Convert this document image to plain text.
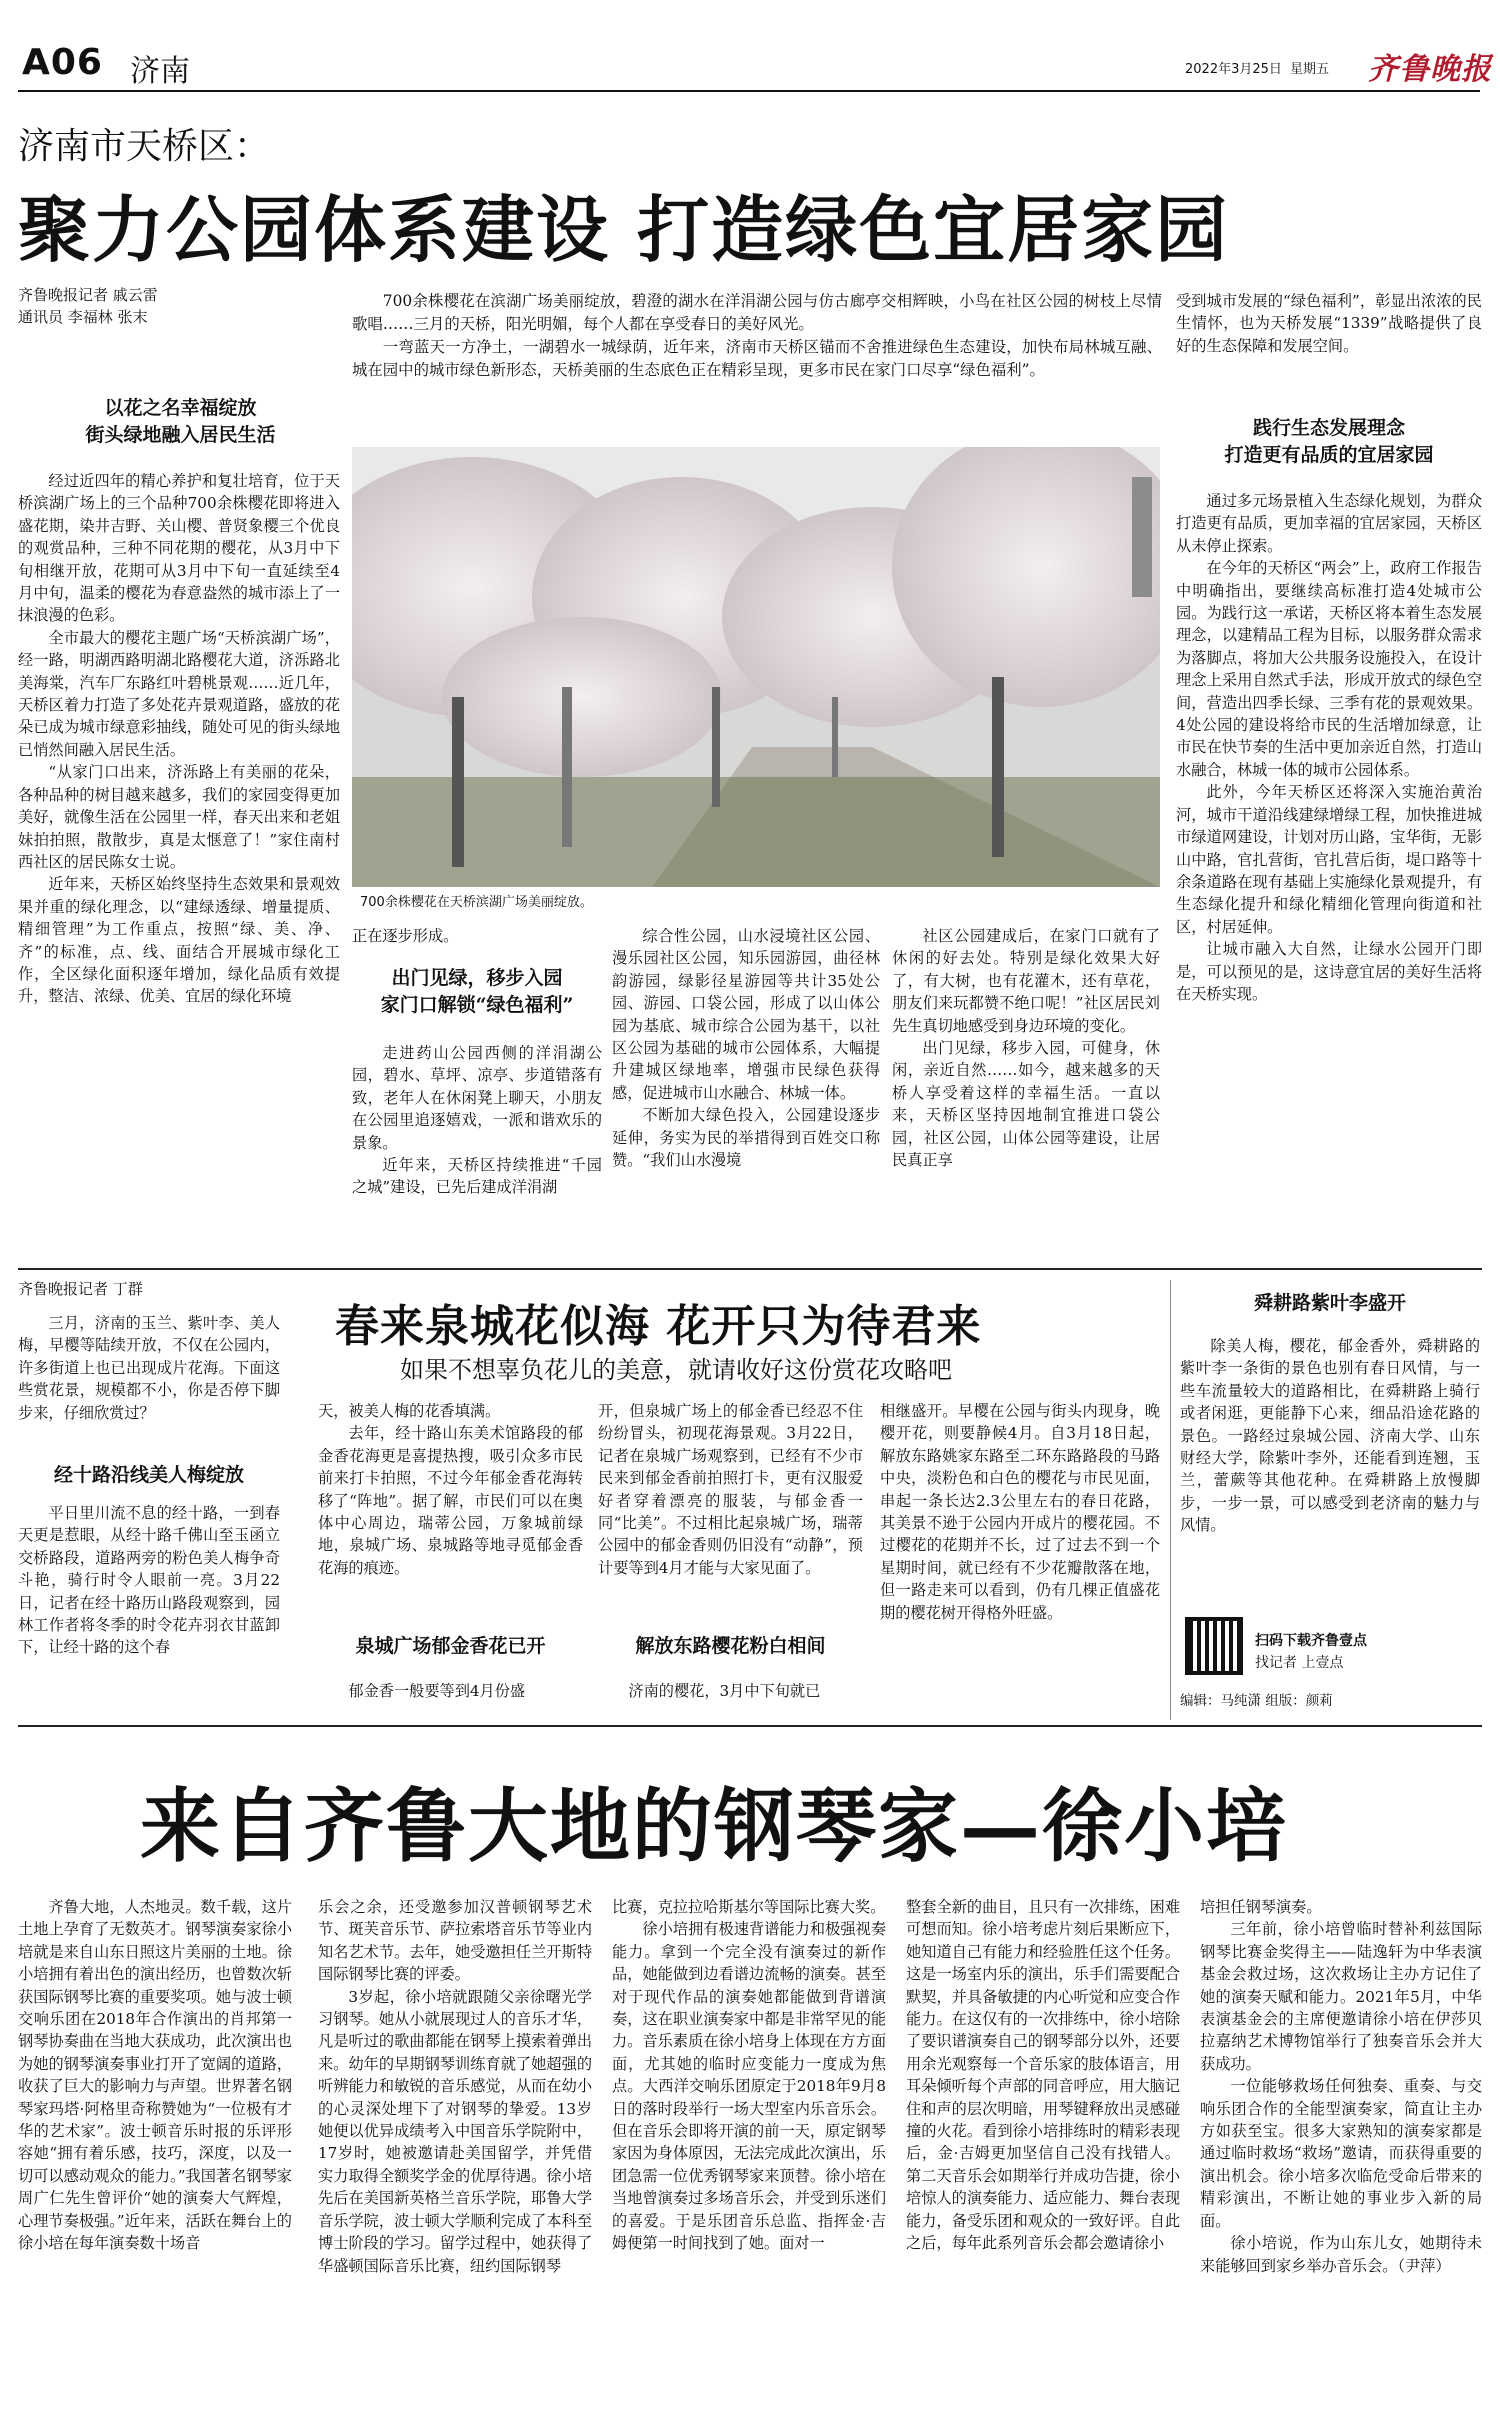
A06 济南	2022年3月25日 星期五 齐鲁晚报
济南市天桥区：
聚力公园体系建设 打造绿色宜居家园
齐鲁晚报记者 戚云雷
通讯员 李福林 张末

700余株樱花在滨湖广场美丽绽放，碧澄的湖水在洋涓湖公园与仿古廊亭交相辉映，小鸟在社区公园的树枝上尽情歌唱……三月的天桥，阳光明媚，每个人都在享受春日的美好风光。

一弯蓝天一方净土，一湖碧水一城绿荫，近年来，济南市天桥区锚而不舍推进绿色生态建设，加快布局林城互融、城在园中的城市绿色新形态，天桥美丽的生态底色正在精彩呈现，更多市民在家门口尽享“绿色福利”。

700余株樱花在天桥滨湖广场美丽绽放。
以花之名幸福绽放
街头绿地融入居民生活

经过近四年的精心养护和复壮培育，位于天桥滨湖广场上的三个品种700余株樱花即将进入盛花期，染井吉野、关山樱、普贤象樱三个优良的观赏品种，三种不同花期的樱花，从3月中下旬相继开放，花期可从3月中下旬一直延续至4月中旬，温柔的樱花为春意盎然的城市添上了一抹浪漫的色彩。

全市最大的樱花主题广场“天桥滨湖广场”，经一路，明湖西路明湖北路樱花大道，济泺路北美海棠，汽车厂东路红叶碧桃景观……近几年，天桥区着力打造了多处花卉景观道路，盛放的花朵已成为城市绿意彩抽线，随处可见的街头绿地已悄然间融入居民生活。

“从家门口出来，济泺路上有美丽的花朵，各种品种的树目越来越多，我们的家园变得更加美好，就像生活在公园里一样，春天出来和老姐妹拍拍照，散散步，真是太惬意了！”家住南村西社区的居民陈女士说。

近年来，天桥区始终坚持生态效果和景观效果并重的绿化理念，以“建绿透绿、增量提质、精细管理”为工作重点，按照“绿、美、净、齐”的标准，点、线、面结合开展城市绿化工作，全区绿化面积逐年增加，绿化品质有效提升，整洁、浓绿、优美、宜居的绿化环境

正在逐步形成。
出门见绿，移步入园
家门口解锁“绿色福利”

走进药山公园西侧的洋涓湖公园，碧水、草坪、凉亭、步道错落有致，老年人在休闲凳上聊天，小朋友在公园里追逐嬉戏，一派和谐欢乐的景象。

近年来，天桥区持续推进“千园之城”建设，已先后建成洋涓湖

综合性公园，山水浸境社区公园、漫乐园社区公园，知乐园游园，曲径林韵游园，绿影径星游园等共计35处公园、游园、口袋公园，形成了以山体公园为基底、城市综合公园为基干，以社区公园为基础的城市公园体系，大幅提升建城区绿地率，增强市民绿色获得感，促进城市山水融合、林城一体。

不断加大绿色投入，公园建设逐步延伸，务实为民的举措得到百姓交口称赞。“我们山水漫境

社区公园建成后，在家门口就有了休闲的好去处。特别是绿化效果大好了，有大树，也有花灌木，还有草花，朋友们来玩都赞不绝口呢！”社区居民刘先生真切地感受到身边环境的变化。

出门见绿，移步入园，可健身，休闲，亲近自然……如今，越来越多的天桥人享受着这样的幸福生活。一直以来，天桥区坚持因地制宜推进口袋公园，社区公园，山体公园等建设，让居民真正享

受到城市发展的“绿色福利”，彰显出浓浓的民生情怀，也为天桥发展“1339”战略提供了良好的生态保障和发展空间。
践行生态发展理念
打造更有品质的宜居家园

通过多元场景植入生态绿化规划，为群众打造更有品质，更加幸福的宜居家园，天桥区从未停止探索。

在今年的天桥区“两会”上，政府工作报告中明确指出，要继续高标准打造4处城市公园。为践行这一承诺，天桥区将本着生态发展理念，以建精品工程为目标，以服务群众需求为落脚点，将加大公共服务设施投入，在设计理念上采用自然式手法，形成开放式的绿色空间，营造出四季长绿、三季有花的景观效果。4处公园的建设将给市民的生活增加绿意，让市民在快节奏的生活中更加亲近自然，打造山水融合，林城一体的城市公园体系。

此外，今年天桥区还将深入实施治黄治河，城市干道沿线建绿增绿工程，加快推进城市绿道网建设，计划对历山路，宝华街，无影山中路，官扎营街，官扎营后街，堤口路等十余条道路在现有基础上实施绿化景观提升，有生态绿化提升和绿化精细化管理向街道和社区，村居延伸。

让城市融入大自然，让绿水公园开门即是，可以预见的是，这诗意宜居的美好生活将在天桥实现。

齐鲁晚报记者 丁群
春来泉城花似海 花开只为待君来
如果不想辜负花儿的美意，就请收好这份赏花攻略吧

三月，济南的玉兰、紫叶李、美人梅，早樱等陆续开放，不仅在公园内，许多街道上也已出现成片花海。下面这些赏花景，规模都不小，你是否停下脚步来，仔细欣赏过？

经十路沿线美人梅绽放

平日里川流不息的经十路，一到春天更是惹眼，从经十路千佛山至玉函立交桥路段，道路两旁的粉色美人梅争奇斗艳，骑行时令人眼前一亮。3月22日，记者在经十路历山路段观察到，园林工作者将冬季的时令花卉羽衣甘蓝卸下，让经十路的这个春

天，被美人梅的花香填满。

去年，经十路山东美术馆路段的郁金香花海更是喜提热搜，吸引众多市民前来打卡拍照，不过今年郁金香花海转移了“阵地”。据了解，市民们可以在奥体中心周边，瑞蒂公园，万象城前绿地，泉城广场、泉城路等地寻觅郁金香花海的痕迹。

泉城广场郁金香花已开

郁金香一般要等到4月份盛

开，但泉城广场上的郁金香已经忍不住纷纷冒头，初现花海景观。3月22日，记者在泉城广场观察到，已经有不少市民来到郁金香前拍照打卡，更有汉服爱好者穿着漂亮的服装，与郁金香一同“比美”。不过相比起泉城广场，瑞蒂公园中的郁金香则仍旧没有“动静”，预计要等到4月才能与大家见面了。

解放东路樱花粉白相间

济南的樱花，3月中下旬就已

相继盛开。早樱在公园与街头内现身，晚樱开花，则要静候4月。自3月18日起，解放东路姚家东路至二环东路路段的马路中央，淡粉色和白色的樱花与市民见面，串起一条长达2.3公里左右的春日花路，其美景不逊于公园内开成片的樱花园。不过樱花的花期并不长，过了过去不到一个星期时间，就已经有不少花瓣散落在地，但一路走来可以看到，仍有几棵正值盛花期的樱花树开得格外旺盛。

舜耕路紫叶李盛开

除美人梅，樱花，郁金香外，舜耕路的紫叶李一条街的景色也别有春日风情，与一些车流量较大的道路相比，在舜耕路上骑行或者闲逛，更能静下心来，细品沿途花路的景色。一路经过泉城公园、济南大学、山东财经大学，除紫叶李外，还能看到连翘，玉兰，蕾蕨等其他花种。在舜耕路上放慢脚步，一步一景，可以感受到老济南的魅力与风情。

扫码下载齐鲁壹点
找记者 上壹点
编辑：马纯潇 组版：颜莉
来自齐鲁大地的钢琴家—徐小培

齐鲁大地，人杰地灵。数千载，这片土地上孕育了无数英才。钢琴演奏家徐小培就是来自山东日照这片美丽的土地。徐小培拥有着出色的演出经历，也曾数次斩获国际钢琴比赛的重要奖项。她与波士顿交响乐团在2018年合作演出的肖邦第一钢琴协奏曲在当地大获成功，此次演出也为她的钢琴演奏事业打开了宽阔的道路，收获了巨大的影响力与声望。世界著名钢琴家玛塔·阿格里奇称赞她为“一位极有才华的艺术家”。波士顿音乐时报的乐评形容她“拥有着乐感，技巧，深度，以及一切可以感动观众的能力。”我国著名钢琴家周广仁先生曾评价“她的演奏大气辉煌，心理节奏极强。”近年来，活跃在舞台上的徐小培在每年演奏数十场音

乐会之余，还受邀参加汉普顿钢琴艺术节、斑芙音乐节、萨拉索塔音乐节等业内知名艺术节。去年，她受邀担任兰开斯特国际钢琴比赛的评委。

3岁起，徐小培就跟随父亲徐曙光学习钢琴。她从小就展现过人的音乐才华，凡是听过的歌曲都能在钢琴上摸索着弹出来。幼年的早期钢琴训练育就了她超强的听辨能力和敏锐的音乐感觉，从而在幼小的心灵深处埋下了对钢琴的挚爱。13岁她便以优异成绩考入中国音乐学院附中，17岁时，她被邀请赴美国留学，并凭借实力取得全额奖学金的优厚待遇。徐小培先后在美国新英格兰音乐学院，耶鲁大学音乐学院，波士顿大学顺利完成了本科至博士阶段的学习。留学过程中，她获得了华盛顿国际音乐比赛，纽约国际钢琴

比赛，克拉拉哈斯基尔等国际比赛大奖。

徐小培拥有极速背谱能力和极强视奏能力。拿到一个完全没有演奏过的新作品，她能做到边看谱边流畅的演奏。甚至对于现代作品的演奏她都能做到背谱演奏，这在职业演奏家中都是非常罕见的能力。音乐素质在徐小培身上体现在方方面面，尤其她的临时应变能力一度成为焦点。大西洋交响乐团原定于2018年9月8日的落时段举行一场大型室内乐音乐会。但在音乐会即将开演的前一天，原定钢琴家因为身体原因，无法完成此次演出，乐团急需一位优秀钢琴家来顶替。徐小培在当地曾演奏过多场音乐会，并受到乐迷们的喜爱。于是乐团音乐总监、指挥金·吉姆便第一时间找到了她。面对一

整套全新的曲目，且只有一次排练，困难可想而知。徐小培考虑片刻后果断应下，她知道自己有能力和经验胜任这个任务。这是一场室内乐的演出，乐手们需要配合默契，并具备敏捷的内心听觉和应变合作能力。在这仅有的一次排练中，徐小培除了要识谱演奏自己的钢琴部分以外，还要用余光观察每一个音乐家的肢体语言，用耳朵倾听每个声部的同音呼应，用大脑记住和声的层次明暗，用琴键释放出灵感碰撞的火花。看到徐小培排练时的精彩表现后，金·吉姆更加坚信自己没有找错人。第二天音乐会如期举行并成功告捷，徐小培惊人的演奏能力、适应能力、舞台表现能力，备受乐团和观众的一致好评。自此之后，每年此系列音乐会都会邀请徐小

培担任钢琴演奏。

三年前，徐小培曾临时替补利兹国际钢琴比赛金奖得主——陆逸轩为中华表演基金会救过场，这次救场让主办方记住了她的演奏天赋和能力。2021年5月，中华表演基金会的主席便邀请徐小培在伊莎贝拉嘉纳艺术博物馆举行了独奏音乐会并大获成功。

一位能够救场任何独奏、重奏、与交响乐团合作的全能型演奏家，简直让主办方如获至宝。很多大家熟知的演奏家都是通过临时救场“救场”邀请，而获得重要的演出机会。徐小培多次临危受命后带来的精彩演出，不断让她的事业步入新的局面。

徐小培说，作为山东儿女，她期待未来能够回到家乡举办音乐会。（尹萍）
